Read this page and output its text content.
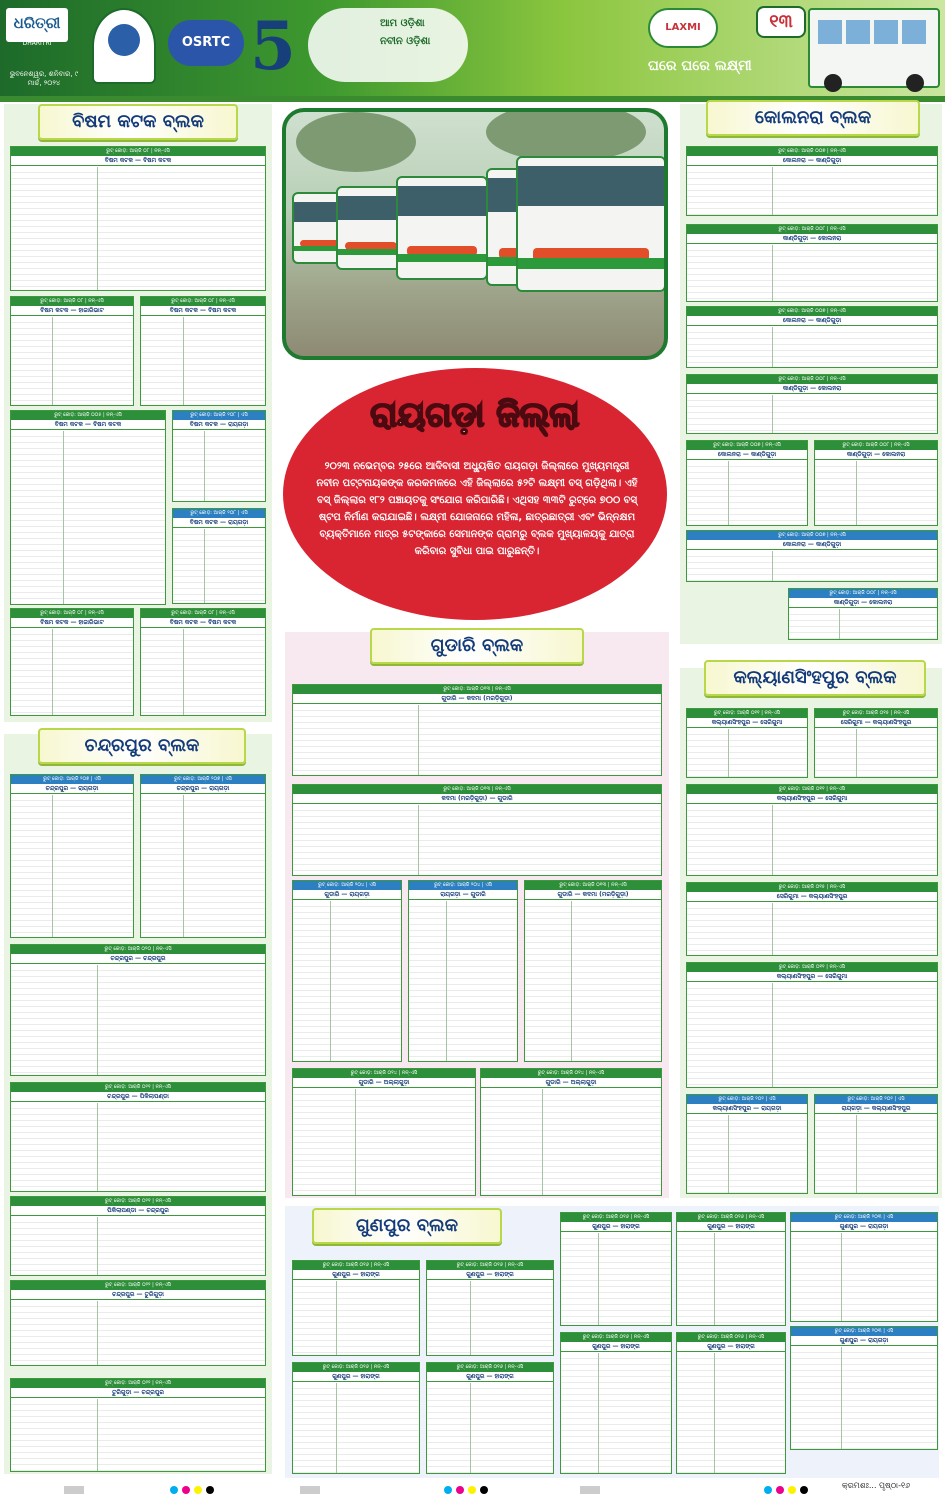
ଧରିତ୍ରୀ
DHARITRI
ଭୁବନେଶ୍ୱର, ଶନିବାର, ୯ ମାର୍ଚ୍ଚ, ୨୦୨୪
OSRTC 5	ଆମ ଓଡ଼ିଶା
ନବୀନ ଓଡ଼ିଶା
LAXMI
ଘରେ ଘରେ ଲକ୍ଷ୍ମୀ
୧୩
ବିଷମ କଟକ ବ୍ଲକ
ରୁଟ୍ କୋଡ଼: ଆର୍‌ଜି ୦୮ | ନନ୍-ଏସି
ବିଷମ କଟକ — ବିଷମ କଟକ
ରୁଟ୍ କୋଡ଼: ଆର୍‌ଜି ୦୮ | ନନ୍-ଏସି
ବିଷମ କଟକ — ହାଜାରିଭାଟ
ରୁଟ୍ କୋଡ଼: ଆର୍‌ଜି ୦୮ | ନନ୍-ଏସି
ବିଷମ କଟକ — ବିଷମ କଟକ
ରୁଟ୍ କୋଡ଼: ଆର୍‌ଜି ୦୦୫ | ନନ୍-ଏସି
ବିଷମ କଟକ — ବିଷମ କଟକ
ରୁଟ୍ କୋଡ଼: ଆର୍‌ଜି ୨୦୮ | ଏସି
ବିଷମ କଟକ — ରାୟଗଡ଼ା
ରୁଟ୍ କୋଡ଼: ଆର୍‌ଜି ୨୦୮ | ଏସି
ବିଷମ କଟକ — ରାୟଗଡ଼ା
ରୁଟ୍ କୋଡ଼: ଆର୍‌ଜି ୦୮ | ନନ୍-ଏସି
ବିଷମ କଟକ — ହାଜାରିଭାଟ
ରୁଟ୍ କୋଡ଼: ଆର୍‌ଜି ୦୮ | ନନ୍-ଏସି
ବିଷମ କଟକ — ବିଷମ କଟକ
ଚନ୍ଦ୍ରପୁର ବ୍ଲକ
ରୁଟ୍ କୋଡ଼: ଆର୍‌ଜି ୨୦୭ | ଏସି
ଚନ୍ଦ୍ରପୁର — ରାୟଗଡ଼ା
ରୁଟ୍ କୋଡ଼: ଆର୍‌ଜି ୨୦୭ | ଏସି
ଚନ୍ଦ୍ରପୁର — ରାୟଗଡ଼ା
ରୁଟ୍ କୋଡ଼: ଆର୍‌ଜି ୦୨୦ | ନନ୍-ଏସି
ଚନ୍ଦ୍ରପୁର — ଚନ୍ଦ୍ରପୁର
ରୁଟ୍ କୋଡ଼: ଆର୍‌ଜି ୦୨୧ | ନନ୍-ଏସି
ଚନ୍ଦ୍ରପୁର — ପିକିଲାପଣ୍ଡା
ରୁଟ୍ କୋଡ଼: ଆର୍‌ଜି ୦୨୧ | ନନ୍-ଏସି
ପିକିଲାପଣ୍ଡା — ଚନ୍ଦ୍ରପୁର
ରୁଟ୍ କୋଡ଼: ଆର୍‌ଜି ୦୨୨ | ନନ୍-ଏସି
ଚନ୍ଦ୍ରପୁର — ତୁରିଗୁଡ଼ା
ରୁଟ୍ କୋଡ଼: ଆର୍‌ଜି ୦୨୨ | ନନ୍-ଏସି
ତୁରିଗୁଡ଼ା — ଚନ୍ଦ୍ରପୁର
ରାୟଗଡ଼ା ଜିଲ୍ଲା
୨୦୨୩ ନଭେମ୍ବର ୨୫ରେ ଆଦିବାସୀ ଅଧ୍ୟୁଷିତ ରାୟଗଡ଼ା ଜିଲ୍ଲାରେ ମୁଖ୍ୟମନ୍ତ୍ରୀ ନବୀନ ପଟ୍ଟନାୟକଙ୍କ କରକମଳରେ ଏହି ଜିଲ୍ଲାରେ ୫୨ଟି ଲକ୍ଷ୍ମୀ ବସ୍ ଗଡ଼ିଥିଲା। ଏହି ବସ୍ ଜିଲ୍ଲାର ୧୮୨ ପଞ୍ଚାୟତକୁ ସଂଯୋଗ କରିପାରିଛି। ଏଥିସହ ୩୩ଟି ରୁଟ୍‌ରେ ୭୦୦ ବସ୍ ଷ୍ଟପ ନିର୍ମାଣ କରାଯାଇଛି। ଲକ୍ଷ୍ମୀ ଯୋଜନାରେ ମହିଳା, ଛାତ୍ରଛାତ୍ରୀ ଏବଂ ଭିନ୍ନକ୍ଷମ ବ୍ୟକ୍ତିମାନେ ମାତ୍ର ୫ଟଙ୍କାରେ ସେମାନଙ୍କ ଗ୍ରାମରୁ ବ୍ଲକ ମୁଖ୍ୟାଳୟକୁ ଯାତ୍ରା କରିବାର ସୁବିଧା ପାଇ ପାରୁଛନ୍ତି।
ଗୁଡାରି ବ୍ଲକ
ରୁଟ୍ କୋଡ଼: ଆର୍‌ଜି ୦୧୩ | ନନ୍-ଏସି
ଗୁଡାରି — କଦମା (ମରଡ଼ିଗୁଡ଼ା)
ରୁଟ୍ କୋଡ଼: ଆର୍‌ଜି ୦୧୩ | ନନ୍-ଏସି
କଦମା (ମରଡ଼ିଗୁଡ଼ା) — ଗୁଡାରି
ରୁଟ୍ କୋଡ଼: ଆର୍‌ଜି ୨୦୪ | ଏସି
ଗୁଡାରି — ରାୟଗଡ଼ା
ରୁଟ୍ କୋଡ଼: ଆର୍‌ଜି ୨୦୪ | ଏସି
ରାୟଗଡ଼ା — ଗୁଡାରି
ରୁଟ୍ କୋଡ଼: ଆର୍‌ଜି ୦୧୩ | ନନ୍-ଏସି
ଗୁଡାରି — କଦମା (ମରଡ଼ିଗୁଡ଼ା)
ରୁଟ୍ କୋଡ଼: ଆର୍‌ଜି ୦୧୪ | ନନ୍-ଏସି
ଗୁଡାରି — ଅଲ୍ଲାଗୁଡ଼ା
ରୁଟ୍ କୋଡ଼: ଆର୍‌ଜି ୦୧୪ | ନନ୍-ଏସି
ଗୁଡାରି — ଅଲ୍ଲାଗୁଡ଼ା
କୋଲନରା ବ୍ଲକ
ରୁଟ୍ କୋଡ଼: ଆର୍‌ଜି ୦୦୭ | ନନ୍-ଏସି
କୋଲନରା — କାଣ୍ଡିଗୁଡ଼ା
ରୁଟ୍ କୋଡ଼: ଆର୍‌ଜି ୦୦୮ | ନନ୍-ଏସି
କାଣ୍ଡିଗୁଡ଼ା — କୋଲନରା
ରୁଟ୍ କୋଡ଼: ଆର୍‌ଜି ୦୦୭ | ନନ୍-ଏସି
କୋଲନରା — କାଣ୍ଡିଗୁଡ଼ା
ରୁଟ୍ କୋଡ଼: ଆର୍‌ଜି ୦୦୮ | ନନ୍-ଏସି
କାଣ୍ଡିଗୁଡ଼ା — କୋଲନରା
ରୁଟ୍ କୋଡ଼: ଆର୍‌ଜି ୦୦୭ | ନନ୍-ଏସି
କୋଲନରା — କାଣ୍ଡିଗୁଡ଼ା
ରୁଟ୍ କୋଡ଼: ଆର୍‌ଜି ୦୦୮ | ନନ୍-ଏସି
କାଣ୍ଡିଗୁଡ଼ା — କୋଲନରା
ରୁଟ୍ କୋଡ଼: ଆର୍‌ଜି ୦୦୭ | ନନ୍-ଏସି
କୋଲନରା — କାଣ୍ଡିଗୁଡ଼ା
ରୁଟ୍ କୋଡ଼: ଆର୍‌ଜି ୦୦୮ | ନନ୍-ଏସି
କାଣ୍ଡିଗୁଡ଼ା — କୋଲନରା
କଲ୍ୟାଣସିଂହପୁର ବ୍ଲକ
ରୁଟ୍ କୋଡ଼: ଆର୍‌ଜି ୦୧୧ | ନନ୍-ଏସି
କଲ୍ୟାଣସିଂହପୁର — ସେରିଗୁମା
ରୁଟ୍ କୋଡ଼: ଆର୍‌ଜି ୦୧୫ | ନନ୍-ଏସି
ସେରିଗୁମା — କଲ୍ୟାଣସିଂହପୁର
ରୁଟ୍ କୋଡ଼: ଆର୍‌ଜି ୦୧୧ | ନନ୍-ଏସି
କଲ୍ୟାଣସିଂହପୁର — ସେରିଗୁମା
ରୁଟ୍ କୋଡ଼: ଆର୍‌ଜି ୦୧୫ | ନନ୍-ଏସି
ସେରିଗୁମା — କଲ୍ୟାଣସିଂହପୁର
ରୁଟ୍ କୋଡ଼: ଆର୍‌ଜି ୦୧୧ | ନନ୍-ଏସି
କଲ୍ୟାଣସିଂହପୁର — ସେରିଗୁମା
ରୁଟ୍ କୋଡ଼: ଆର୍‌ଜି ୨୦୨ | ଏସି
କଲ୍ୟାଣସିଂହପୁର — ରାୟଗଡ଼ା
ରୁଟ୍ କୋଡ଼: ଆର୍‌ଜି ୨୦୨ | ଏସି
ରାୟଗଡ଼ା — କଲ୍ୟାଣସିଂହପୁର
ଗୁଣପୁର ବ୍ଲକ
ରୁଟ୍ କୋଡ଼: ଆର୍‌ଜି ୦୧୬ | ନନ୍-ଏସି
ଗୁଣପୁର — ହାରାଙ୍ଗ
ରୁଟ୍ କୋଡ଼: ଆର୍‌ଜି ୦୧୬ | ନନ୍-ଏସି
ଗୁଣପୁର — ହାରାଙ୍ଗ
ରୁଟ୍ କୋଡ଼: ଆର୍‌ଜି ୦୧୬ | ନନ୍-ଏସି
ଗୁଣପୁର — ହାରାଙ୍ଗ
ରୁଟ୍ କୋଡ଼: ଆର୍‌ଜି ୦୧୬ | ନନ୍-ଏସି
ଗୁଣପୁର — ହାରାଙ୍ଗ
ରୁଟ୍ କୋଡ଼: ଆର୍‌ଜି ୦୧୬ | ନନ୍-ଏସି
ଗୁଣପୁର — ହାରାଙ୍ଗ
ରୁଟ୍ କୋଡ଼: ଆର୍‌ଜି ୦୧୬ | ନନ୍-ଏସି
ଗୁଣପୁର — ହାରାଙ୍ଗ
ରୁଟ୍ କୋଡ଼: ଆର୍‌ଜି ୨୦୩ | ଏସି
ଗୁଣପୁର — ରାୟଗଡ଼ା
ରୁଟ୍ କୋଡ଼: ଆର୍‌ଜି ୦୧୬ | ନନ୍-ଏସି
ଗୁଣପୁର — ହାରାଙ୍ଗ
ରୁଟ୍ କୋଡ଼: ଆର୍‌ଜି ୦୧୬ | ନନ୍-ଏସି
ଗୁଣପୁର — ହାରାଙ୍ଗ
ରୁଟ୍ କୋଡ଼: ଆର୍‌ଜି ୨୦୩ | ଏସି
ଗୁଣପୁର — ରାୟଗଡ଼ା
କ୍ରମଶଃ... ପୃଷ୍ଠା-୧୬
